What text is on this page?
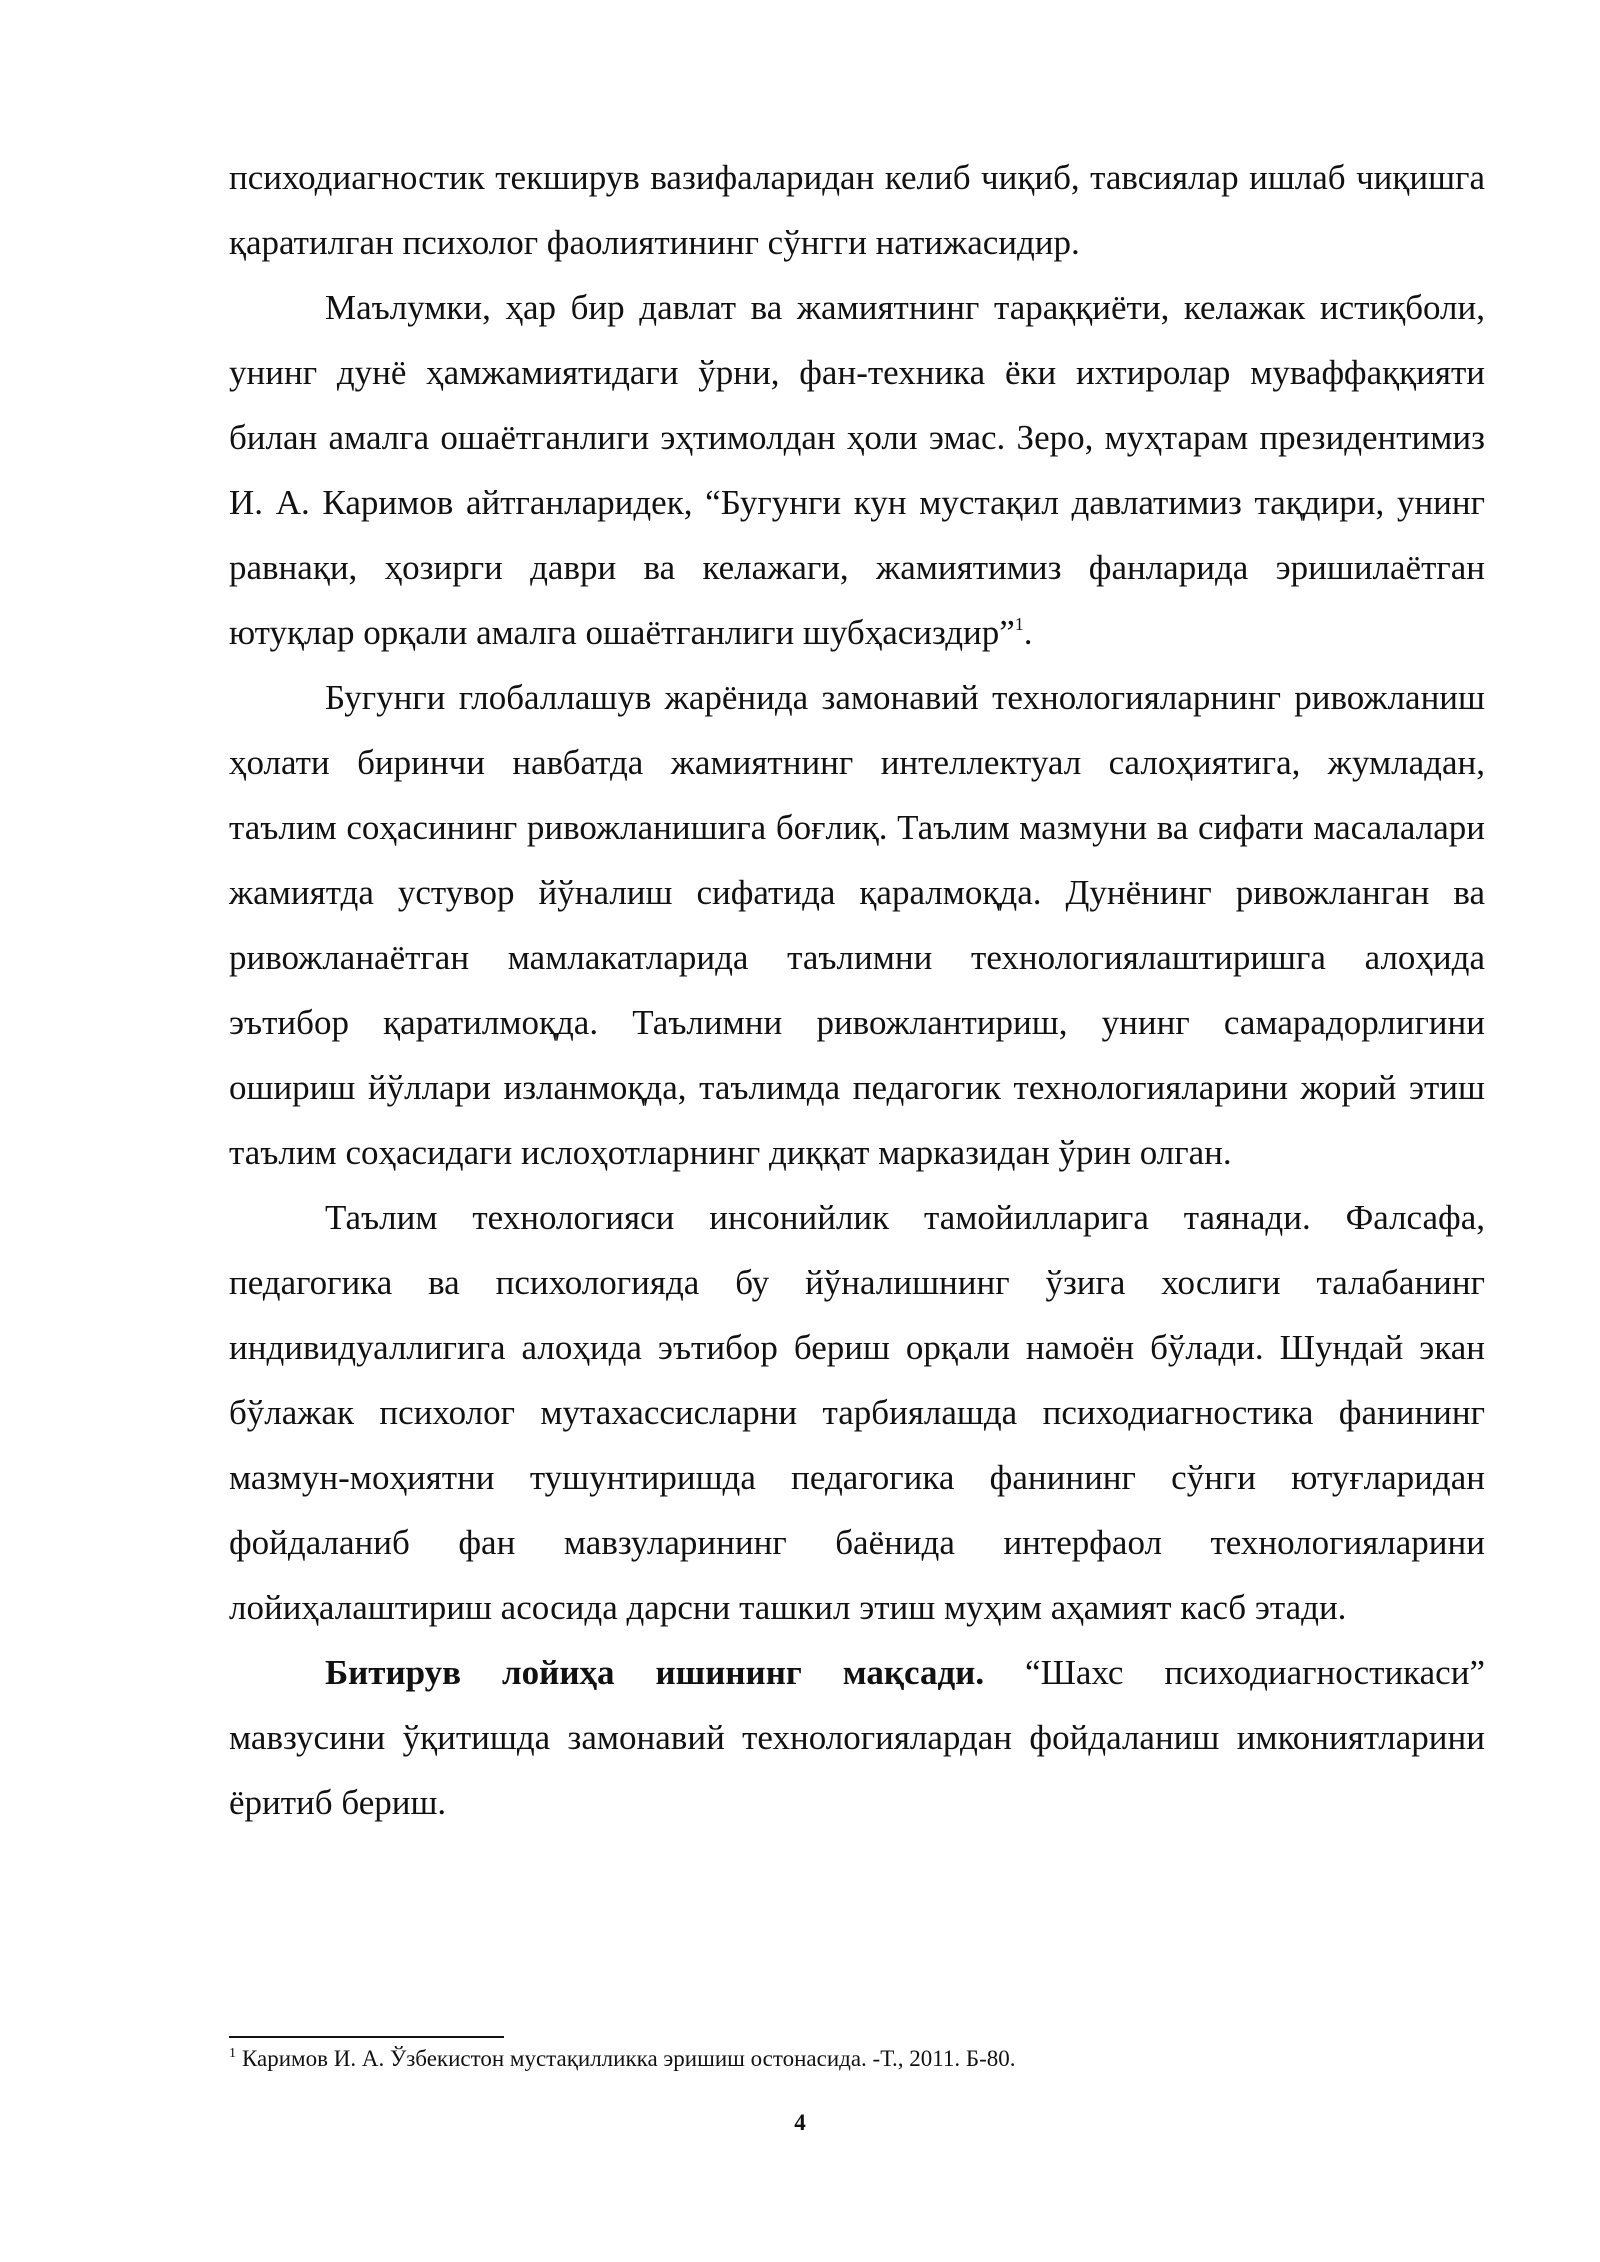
психодиагностик текширув вазифаларидан келиб чиқиб, тавсиялар ишлаб чиқишга қаратилган психолог фаолиятининг сўнгги натижасидир.

Маълумки, ҳар бир давлат ва жамиятнинг тараққиёти, келажак истиқболи, унинг дунё ҳамжамиятидаги ўрни, фан-техника ёки ихтиролар муваффаққияти билан амалга ошаётганлиги эҳтимолдан ҳоли эмас. Зеро, муҳтарам президентимиз И. А. Каримов айтганларидек, “Бугунги кун мустақил давлатимиз тақдири, унинг равнақи, ҳозирги даври ва келажаги, жамиятимиз фанларида эришилаётган ютуқлар орқали амалга ошаётганлиги шубҳасиздир”$^1$.

Бугунги глобаллашув жарёнида замонавий технологияларнинг ривожланиш ҳолати биринчи навбатда жамиятнинг интеллектуал салоҳиятига, жумладан, таълим соҳасининг ривожланишига боғлиқ. Таълим мазмуни ва сифати масалалари жамиятда устувор йўналиш сифатида қаралмоқда. Дунёнинг ривожланган ва ривожланаётган мамлакатларида таълимни технологиялаштиришга алоҳида эътибор қаратилмоқда. Таълимни ривожлантириш, унинг самарадорлигини ошириш йўллари изланмоқда, таълимда педагогик технологияларини жорий этиш таълим соҳасидаги ислоҳотларнинг диққат марказидан ўрин олган.

Таълим технологияси инсонийлик тамойилларига таянади. Фалсафа, педагогика ва психологияда бу йўналишнинг ўзига хослиги талабанинг индивидуаллигига алоҳида эътибор бериш орқали намоён бўлади. Шундай экан бўлажак психолог мутахассисларни тарбиялашда психодиагностика фанининг мазмун-моҳиятни тушунтиришда педагогика фанининг сўнги ютуғларидан фойдаланиб фан мавзуларининг баёнида интерфаол технологияларини лойиҳалаштириш асосида дарсни ташкил этиш муҳим аҳамият касб этади.

Битирув лойиҳа ишининг мақсади. “Шахс психодиагностикаси” мавзусини ўқитишда замонавий технологиялардан фойдаланиш имкониятларини ёритиб бериш.

$^1$ Каримов И. А. Ўзбекистон мустақилликка эришиш остонасида. -Т., 2011. Б-80.
4
